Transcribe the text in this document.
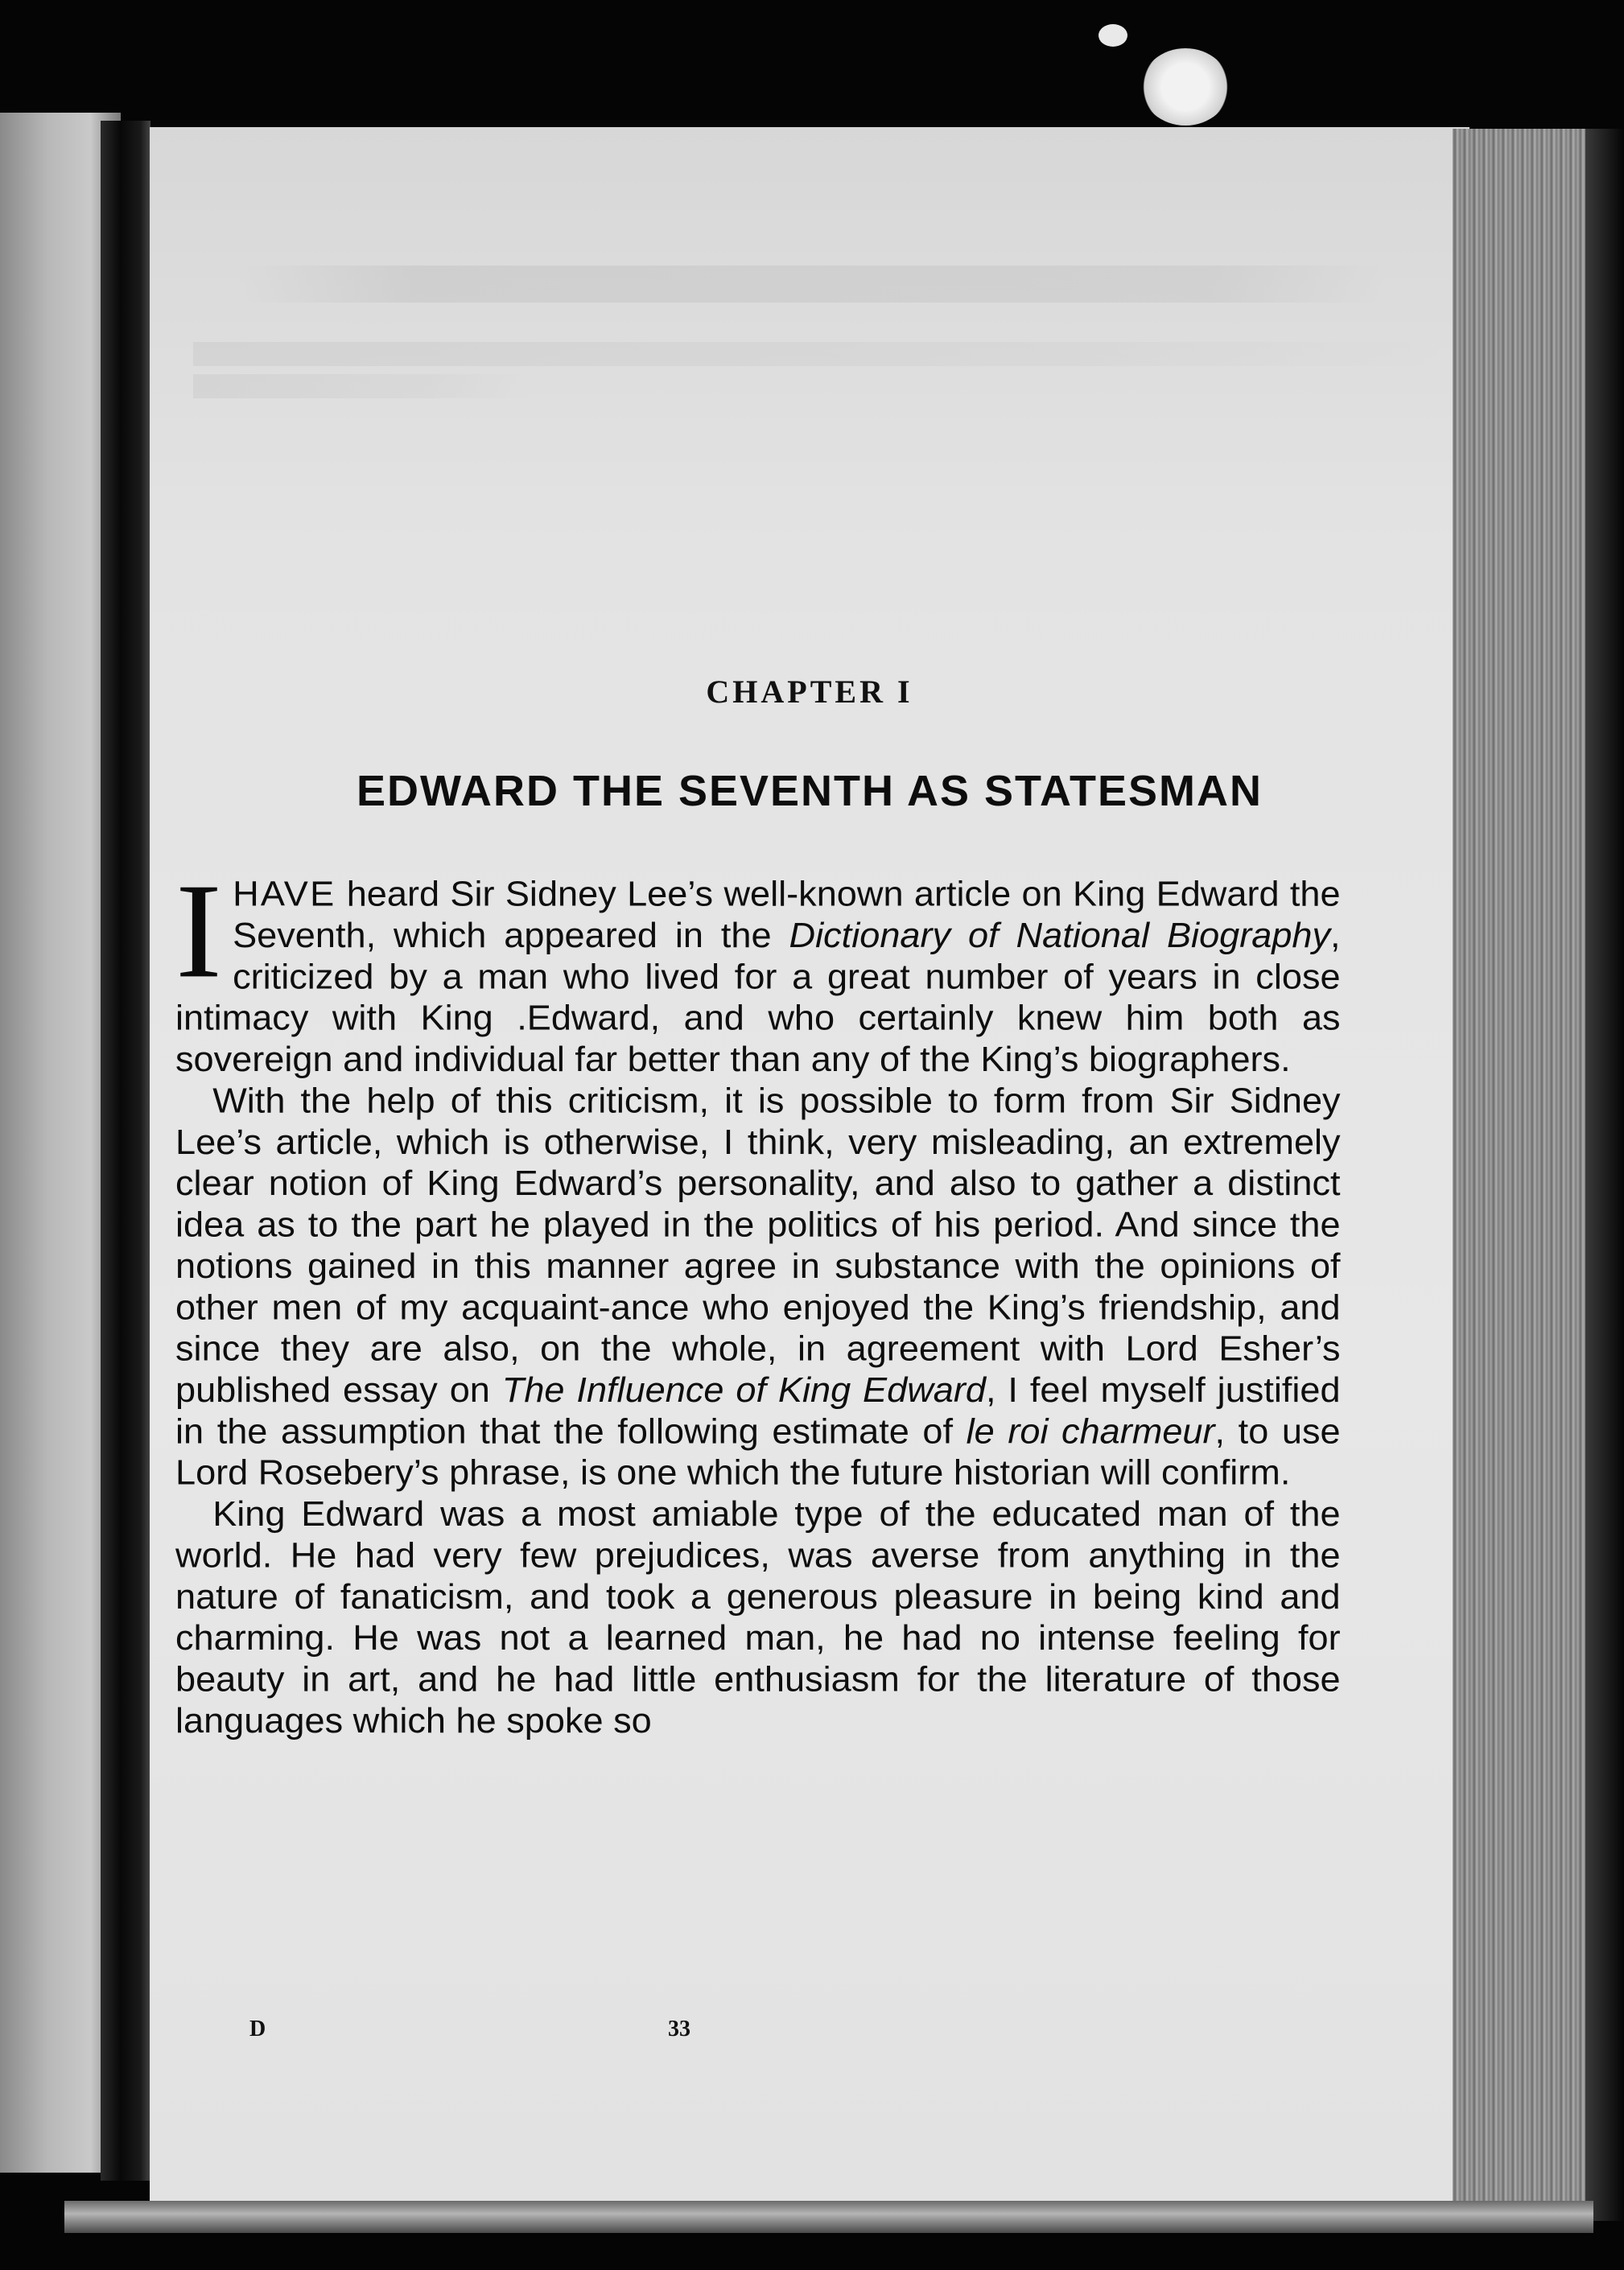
CHAPTER I
EDWARD THE SEVENTH AS STATESMAN

IHAVE heard Sir Sidney Lee’s well-known article on King Edward the Seventh, which appeared in the Dictionary of National Biography, criticized by a man who lived for a great number of years in close intimacy with King .Edward, and who certainly knew him both as sovereign and individual far better than any of the King’s biographers.

With the help of this criticism, it is possible to form from Sir Sidney Lee’s article, which is otherwise, I think, very misleading, an extremely clear notion of King Edward’s personality, and also to gather a distinct idea as to the part he played in the politics of his period. And since the notions gained in this manner agree in substance with the opinions of other men of my acquaint-ance who enjoyed the King’s friendship, and since they are also, on the whole, in agreement with Lord Esher’s published essay on The Influence of King Edward, I feel myself justified in the assumption that the following estimate of le roi charmeur, to use Lord Rosebery’s phrase, is one which the future historian will confirm.

King Edward was a most amiable type of the educated man of the world. He had very few prejudices, was averse from anything in the nature of fanaticism, and took a generous pleasure in being kind and charming. He was not a learned man, he had no intense feeling for beauty in art, and he had little enthusiasm for the literature of those languages which he spoke so

D	33
